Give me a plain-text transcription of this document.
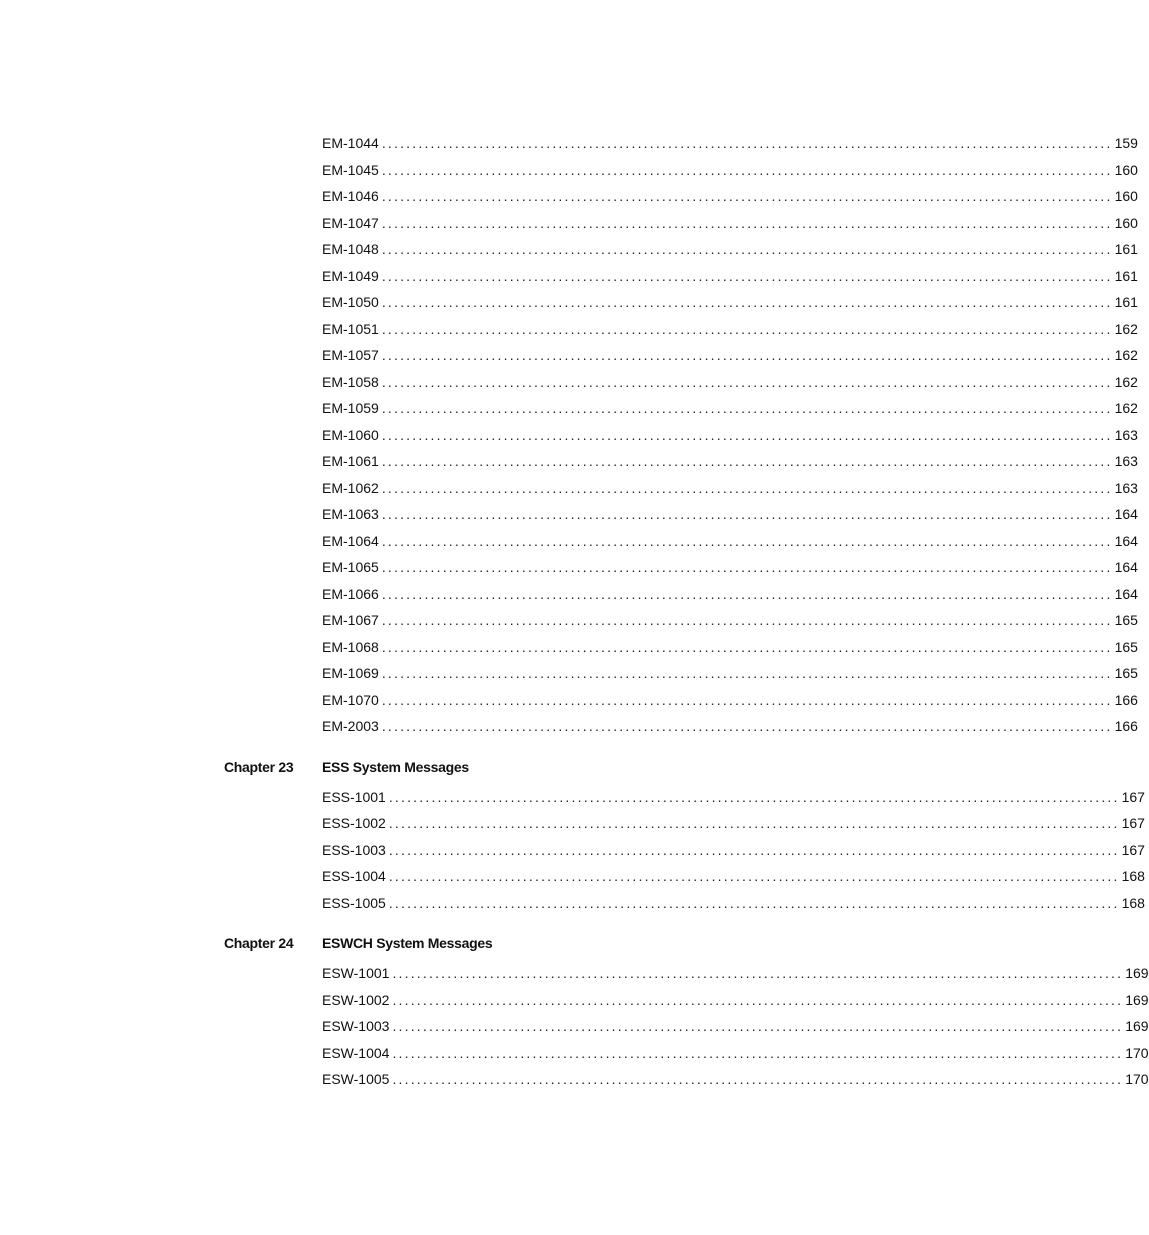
EM-1044 ........................................................................................................................ 159
EM-1045 ........................................................................................................................ 160
EM-1046 ........................................................................................................................ 160
EM-1047 ........................................................................................................................ 160
EM-1048 ........................................................................................................................ 161
EM-1049 ........................................................................................................................ 161
EM-1050 ........................................................................................................................ 161
EM-1051 ........................................................................................................................ 162
EM-1057 ........................................................................................................................ 162
EM-1058 ........................................................................................................................ 162
EM-1059 ........................................................................................................................ 162
EM-1060 ........................................................................................................................ 163
EM-1061 ........................................................................................................................ 163
EM-1062 ........................................................................................................................ 163
EM-1063 ........................................................................................................................ 164
EM-1064 ........................................................................................................................ 164
EM-1065 ........................................................................................................................ 164
EM-1066 ........................................................................................................................ 164
EM-1067 ........................................................................................................................ 165
EM-1068 ........................................................................................................................ 165
EM-1069 ........................................................................................................................ 165
EM-1070 ........................................................................................................................ 166
EM-2003 ........................................................................................................................ 166
Chapter 23 ESS System Messages
ESS-1001 ........................................................................................................................ 167
ESS-1002 ........................................................................................................................ 167
ESS-1003 ........................................................................................................................ 167
ESS-1004 ........................................................................................................................ 168
ESS-1005 ........................................................................................................................ 168
Chapter 24 ESWCH System Messages
ESW-1001 ........................................................................................................................ 169
ESW-1002 ........................................................................................................................ 169
ESW-1003 ........................................................................................................................ 169
ESW-1004 ........................................................................................................................ 170
ESW-1005 ........................................................................................................................ 170
